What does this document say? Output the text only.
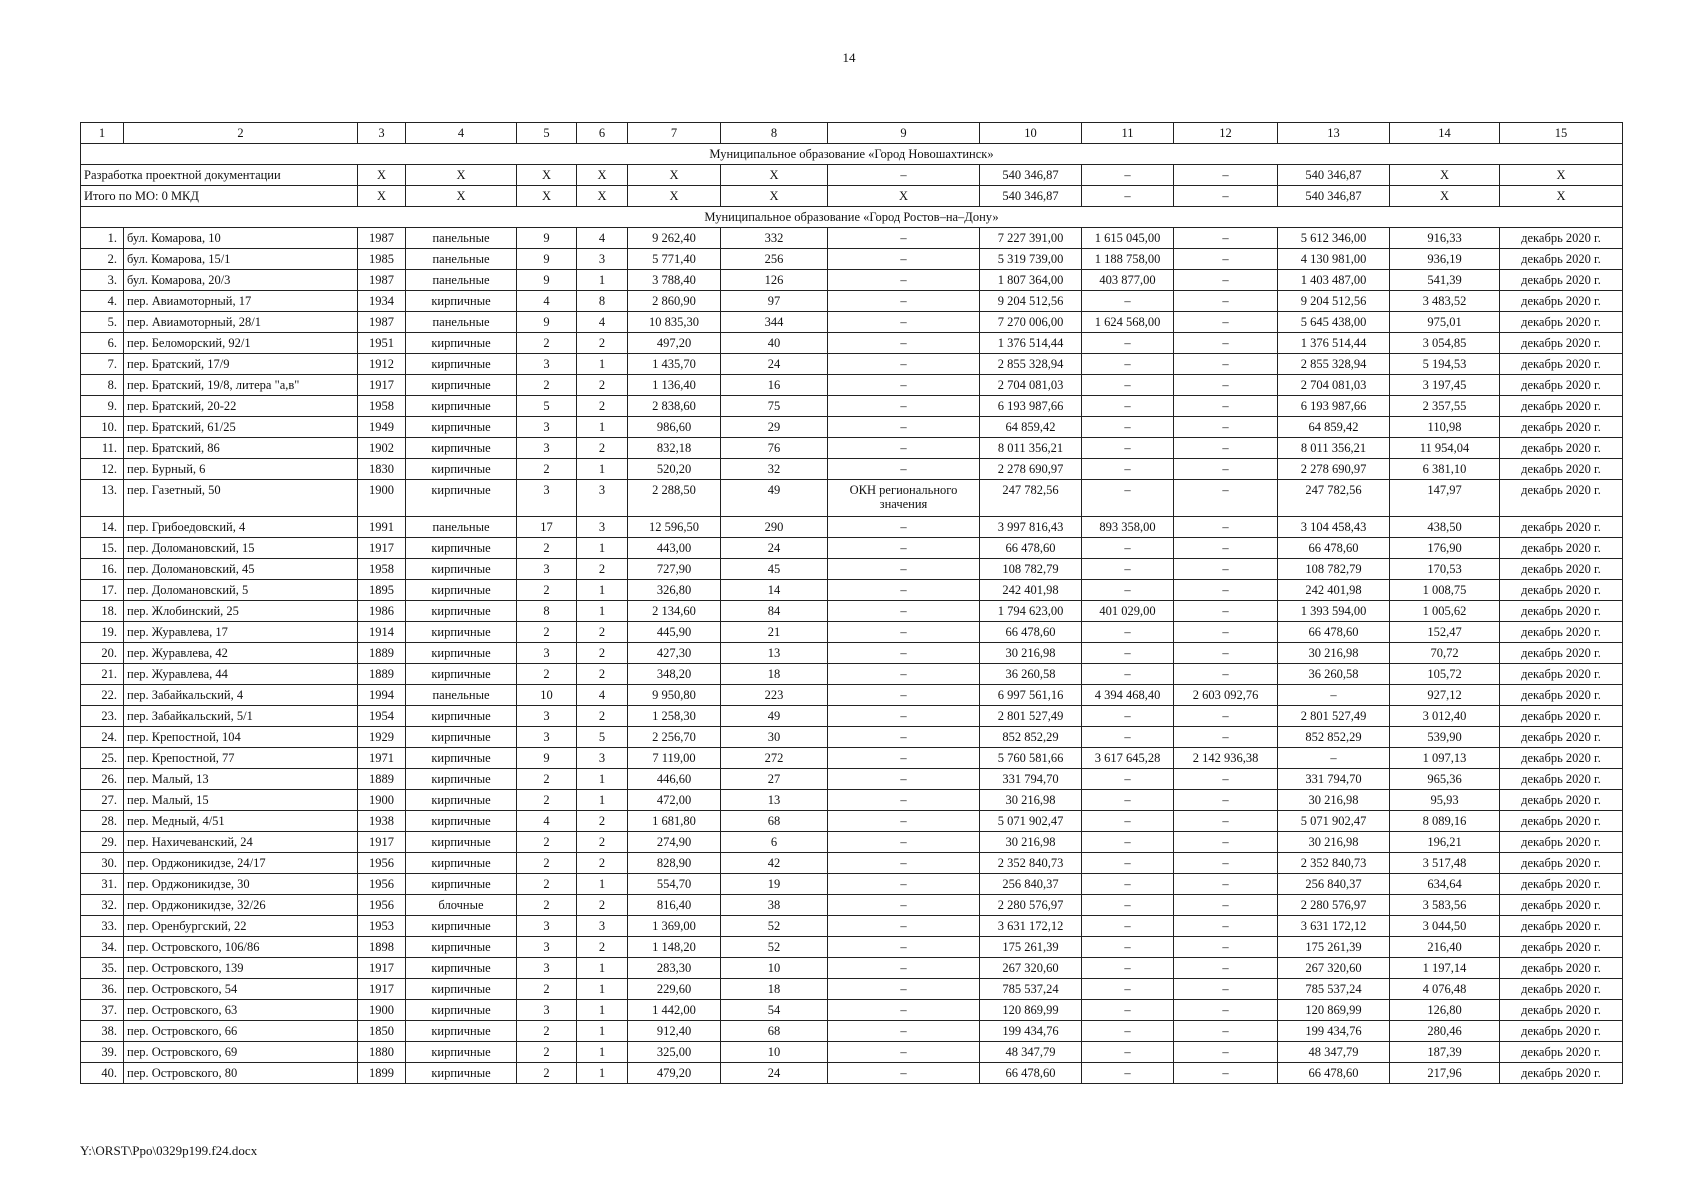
14
1	2	3	4	5	6	7	8	9	10	11	12	13	14	15
Муниципальное образование «Город Новошахтинск»														
Разработка проектной документации		Х	Х	Х	Х	Х	Х	–	540 346,87	–	–	540 346,87	Х	Х
Итого по МО: 0 МКД		Х	Х	Х	Х	Х	Х	Х	540 346,87	–	–	540 346,87	Х	Х
Муниципальное образование «Город Ростов–на–Дону»														
1.	бул. Комарова, 10	1987	панельные	9	4	9 262,40	332	–	7 227 391,00	1 615 045,00	–	5 612 346,00	916,33	декабрь 2020 г.
2.	бул. Комарова, 15/1	1985	панельные	9	3	5 771,40	256	–	5 319 739,00	1 188 758,00	–	4 130 981,00	936,19	декабрь 2020 г.
3.	бул. Комарова, 20/3	1987	панельные	9	1	3 788,40	126	–	1 807 364,00	403 877,00	–	1 403 487,00	541,39	декабрь 2020 г.
4.	пер. Авиамоторный, 17	1934	кирпичные	4	8	2 860,90	97	–	9 204 512,56	–	–	9 204 512,56	3 483,52	декабрь 2020 г.
5.	пер. Авиамоторный, 28/1	1987	панельные	9	4	10 835,30	344	–	7 270 006,00	1 624 568,00	–	5 645 438,00	975,01	декабрь 2020 г.
6.	пер. Беломорский, 92/1	1951	кирпичные	2	2	497,20	40	–	1 376 514,44	–	–	1 376 514,44	3 054,85	декабрь 2020 г.
7.	пер. Братский, 17/9	1912	кирпичные	3	1	1 435,70	24	–	2 855 328,94	–	–	2 855 328,94	5 194,53	декабрь 2020 г.
8.	пер. Братский, 19/8, литера "а,в"	1917	кирпичные	2	2	1 136,40	16	–	2 704 081,03	–	–	2 704 081,03	3 197,45	декабрь 2020 г.
9.	пер. Братский, 20-22	1958	кирпичные	5	2	2 838,60	75	–	6 193 987,66	–	–	6 193 987,66	2 357,55	декабрь 2020 г.
10.	пер. Братский, 61/25	1949	кирпичные	3	1	986,60	29	–	64 859,42	–	–	64 859,42	110,98	декабрь 2020 г.
11.	пер. Братский, 86	1902	кирпичные	3	2	832,18	76	–	8 011 356,21	–	–	8 011 356,21	11 954,04	декабрь 2020 г.
12.	пер. Бурный, 6	1830	кирпичные	2	1	520,20	32	–	2 278 690,97	–	–	2 278 690,97	6 381,10	декабрь 2020 г.
13.	пер. Газетный, 50	1900	кирпичные	3	3	2 288,50	49	ОКН регионального значения	247 782,56	–	–	247 782,56	147,97	декабрь 2020 г.
14.	пер. Грибоедовский, 4	1991	панельные	17	3	12 596,50	290	–	3 997 816,43	893 358,00	–	3 104 458,43	438,50	декабрь 2020 г.
15.	пер. Доломановский, 15	1917	кирпичные	2	1	443,00	24	–	66 478,60	–	–	66 478,60	176,90	декабрь 2020 г.
16.	пер. Доломановский, 45	1958	кирпичные	3	2	727,90	45	–	108 782,79	–	–	108 782,79	170,53	декабрь 2020 г.
17.	пер. Доломановский, 5	1895	кирпичные	2	1	326,80	14	–	242 401,98	–	–	242 401,98	1 008,75	декабрь 2020 г.
18.	пер. Жлобинский, 25	1986	кирпичные	8	1	2 134,60	84	–	1 794 623,00	401 029,00	–	1 393 594,00	1 005,62	декабрь 2020 г.
19.	пер. Журавлева, 17	1914	кирпичные	2	2	445,90	21	–	66 478,60	–	–	66 478,60	152,47	декабрь 2020 г.
20.	пер. Журавлева, 42	1889	кирпичные	3	2	427,30	13	–	30 216,98	–	–	30 216,98	70,72	декабрь 2020 г.
21.	пер. Журавлева, 44	1889	кирпичные	2	2	348,20	18	–	36 260,58	–	–	36 260,58	105,72	декабрь 2020 г.
22.	пер. Забайкальский, 4	1994	панельные	10	4	9 950,80	223	–	6 997 561,16	4 394 468,40	2 603 092,76	–	927,12	декабрь 2020 г.
23.	пер. Забайкальский, 5/1	1954	кирпичные	3	2	1 258,30	49	–	2 801 527,49	–	–	2 801 527,49	3 012,40	декабрь 2020 г.
24.	пер. Крепостной, 104	1929	кирпичные	3	5	2 256,70	30	–	852 852,29	–	–	852 852,29	539,90	декабрь 2020 г.
25.	пер. Крепостной, 77	1971	кирпичные	9	3	7 119,00	272	–	5 760 581,66	3 617 645,28	2 142 936,38	–	1 097,13	декабрь 2020 г.
26.	пер. Малый, 13	1889	кирпичные	2	1	446,60	27	–	331 794,70	–	–	331 794,70	965,36	декабрь 2020 г.
27.	пер. Малый, 15	1900	кирпичные	2	1	472,00	13	–	30 216,98	–	–	30 216,98	95,93	декабрь 2020 г.
28.	пер. Медный, 4/51	1938	кирпичные	4	2	1 681,80	68	–	5 071 902,47	–	–	5 071 902,47	8 089,16	декабрь 2020 г.
29.	пер. Нахичеванский, 24	1917	кирпичные	2	2	274,90	6	–	30 216,98	–	–	30 216,98	196,21	декабрь 2020 г.
30.	пер. Орджоникидзе, 24/17	1956	кирпичные	2	2	828,90	42	–	2 352 840,73	–	–	2 352 840,73	3 517,48	декабрь 2020 г.
31.	пер. Орджоникидзе, 30	1956	кирпичные	2	1	554,70	19	–	256 840,37	–	–	256 840,37	634,64	декабрь 2020 г.
32.	пер. Орджоникидзе, 32/26	1956	блочные	2	2	816,40	38	–	2 280 576,97	–	–	2 280 576,97	3 583,56	декабрь 2020 г.
33.	пер. Оренбургский, 22	1953	кирпичные	3	3	1 369,00	52	–	3 631 172,12	–	–	3 631 172,12	3 044,50	декабрь 2020 г.
34.	пер. Островского, 106/86	1898	кирпичные	3	2	1 148,20	52	–	175 261,39	–	–	175 261,39	216,40	декабрь 2020 г.
35.	пер. Островского, 139	1917	кирпичные	3	1	283,30	10	–	267 320,60	–	–	267 320,60	1 197,14	декабрь 2020 г.
36.	пер. Островского, 54	1917	кирпичные	2	1	229,60	18	–	785 537,24	–	–	785 537,24	4 076,48	декабрь 2020 г.
37.	пер. Островского, 63	1900	кирпичные	3	1	1 442,00	54	–	120 869,99	–	–	120 869,99	126,80	декабрь 2020 г.
38.	пер. Островского, 66	1850	кирпичные	2	1	912,40	68	–	199 434,76	–	–	199 434,76	280,46	декабрь 2020 г.
39.	пер. Островского, 69	1880	кирпичные	2	1	325,00	10	–	48 347,79	–	–	48 347,79	187,39	декабрь 2020 г.
40.	пер. Островского, 80	1899	кирпичные	2	1	479,20	24	–	66 478,60	–	–	66 478,60	217,96	декабрь 2020 г.
Y:\ORST\Ppo\0329p199.f24.docx
